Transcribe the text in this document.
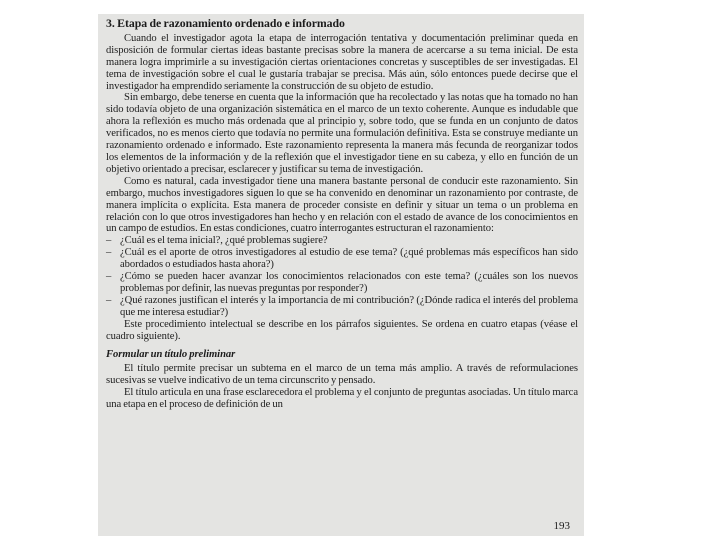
3. Etapa de razonamiento ordenado e informado

Cuando el investigador agota la etapa de interrogación tentativa y documentación preliminar queda en disposición de formular ciertas ideas bastante precisas sobre la manera de acercarse a su tema inicial. De esta manera logra imprimirle a su investigación ciertas orientaciones concretas y susceptibles de ser investigadas. El tema de investigación sobre el cual le gustaría trabajar se precisa. Más aún, sólo entonces puede decirse que el investigador ha emprendido seriamente la construcción de su objeto de estudio.

Sin embargo, debe tenerse en cuenta que la información que ha recolectado y las notas que ha tomado no han sido todavía objeto de una organización sistemática en el marco de un texto coherente. Aunque es indudable que ahora la reflexión es mucho más ordenada que al principio y, sobre todo, que se funda en un conjunto de datos verificados, no es menos cierto que todavía no permite una formulación definitiva. Esta se construye mediante un razonamiento ordenado e informado. Este razonamiento representa la manera más fecunda de reorganizar todos los elementos de la información y de la reflexión que el investigador tiene en su cabeza, y ello en función de un objetivo orientado a precisar, esclarecer y justificar su tema de investigación.

Como es natural, cada investigador tiene una manera bastante personal de conducir este razonamiento. Sin embargo, muchos investigadores siguen lo que se ha convenido en denominar un razonamiento por contraste, de manera implícita o explícita. Esta manera de proceder consiste en definir y situar un tema o un problema en relación con lo que otros investigadores han hecho y en relación con el estado de avance de los conocimientos en un campo de estudios. En estas condiciones, cuatro interrogantes estructuran el razonamiento:

– ¿Cuál es el tema inicial?, ¿qué problemas sugiere?
– ¿Cuál es el aporte de otros investigadores al estudio de ese tema? (¿qué problemas más específicos han sido abordados o estudiados hasta ahora?)
– ¿Cómo se pueden hacer avanzar los conocimientos relacionados con este tema? (¿cuáles son los nuevos problemas por definir, las nuevas preguntas por responder?)
– ¿Qué razones justifican el interés y la importancia de mi contribución? (¿Dónde radica el interés del problema que me interesa estudiar?)

Este procedimiento intelectual se describe en los párrafos siguientes. Se ordena en cuatro etapas (véase el cuadro siguiente).

Formular un título preliminar

El título permite precisar un subtema en el marco de un tema más amplio. A través de reformulaciones sucesivas se vuelve indicativo de un tema circunscrito y pensado.

El título articula en una frase esclarecedora el problema y el conjunto de preguntas asociadas. Un título marca una etapa en el proceso de definición de un

193
